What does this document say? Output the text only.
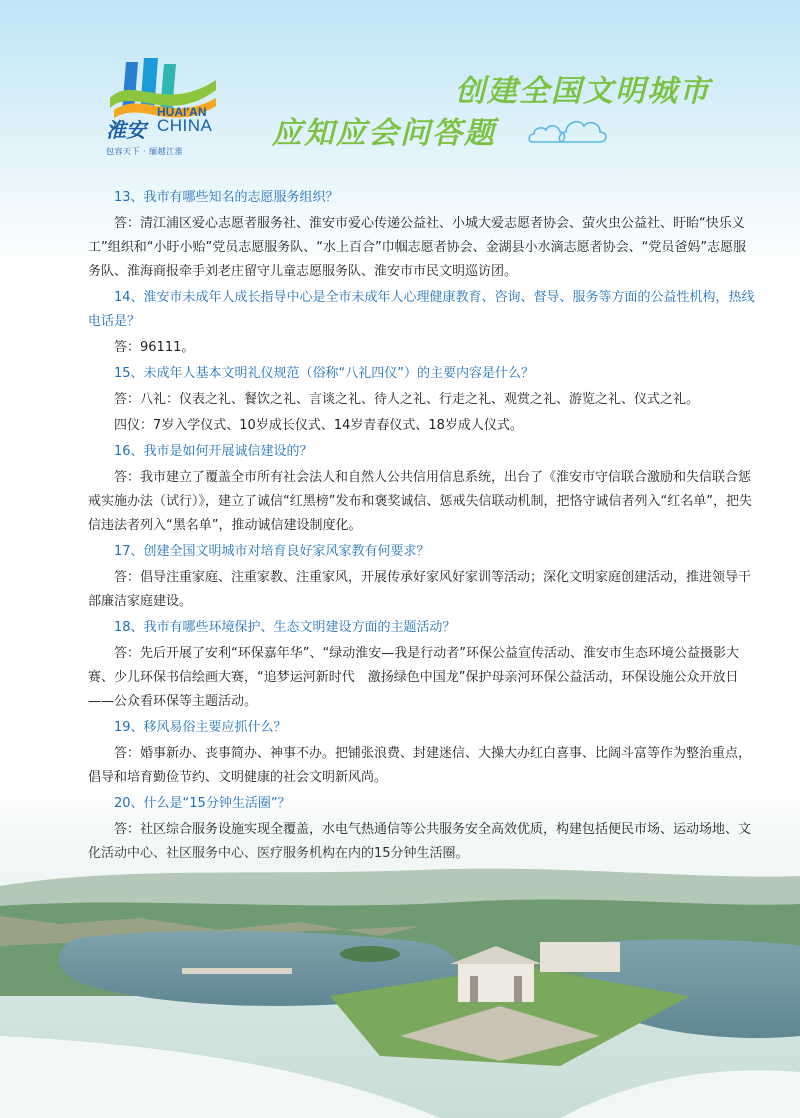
淮安
HUAI'AN
CHINA
包容天下 · 缅越江淮
创建全国文明城市
应知应会问答题
13、我市有哪些知名的志愿服务组织？
答：清江浦区爱心志愿者服务社、淮安市爱心传递公益社、小城大爱志愿者协会、萤火虫公益社、盱眙“快乐义工”组织和“小盱小贻”党员志愿服务队、“水上百合”巾帼志愿者协会、金湖县小水滴志愿者协会、“党员爸妈”志愿服务队、淮海商报牵手刘老庄留守儿童志愿服务队、淮安市市民文明巡访团。
14、淮安市未成年人成长指导中心是全市未成年人心理健康教育、咨询、督导、服务等方面的公益性机构，热线电话是？
答：96111。
15、未成年人基本文明礼仪规范（俗称“八礼四仪”）的主要内容是什么？
答：八礼：仪表之礼、餐饮之礼、言谈之礼、待人之礼、行走之礼、观赏之礼、游览之礼、仪式之礼。
四仪：7岁入学仪式、10岁成长仪式、14岁青春仪式、18岁成人仪式。
16、我市是如何开展诚信建设的？
答：我市建立了覆盖全市所有社会法人和自然人公共信用信息系统，出台了《淮安市守信联合激励和失信联合惩戒实施办法（试行）》，建立了诚信“红黑榜”发布和褒奖诚信、惩戒失信联动机制，把恪守诚信者列入“红名单”，把失信违法者列入“黑名单”，推动诚信建设制度化。
17、创建全国文明城市对培育良好家风家教有何要求？
答：倡导注重家庭、注重家教、注重家风，开展传承好家风好家训等活动；深化文明家庭创建活动，推进领导干部廉洁家庭建设。
18、我市有哪些环境保护、生态文明建设方面的主题活动？
答：先后开展了安利“环保嘉年华”、“绿动淮安—我是行动者”环保公益宣传活动、淮安市生态环境公益摄影大赛、少儿环保书信绘画大赛，“追梦运河新时代　激扬绿色中国龙”保护母亲河环保公益活动，环保设施公众开放日——公众看环保等主题活动。
19、移风易俗主要应抓什么？
答：婚事新办、丧事简办、神事不办。把铺张浪费、封建迷信、大操大办红白喜事、比阔斗富等作为整治重点，倡导和培育勤俭节约、文明健康的社会文明新风尚。
20、什么是“15分钟生活圈”？
答：社区综合服务设施实现全覆盖，水电气热通信等公共服务安全高效优质，构建包括便民市场、运动场地、文
